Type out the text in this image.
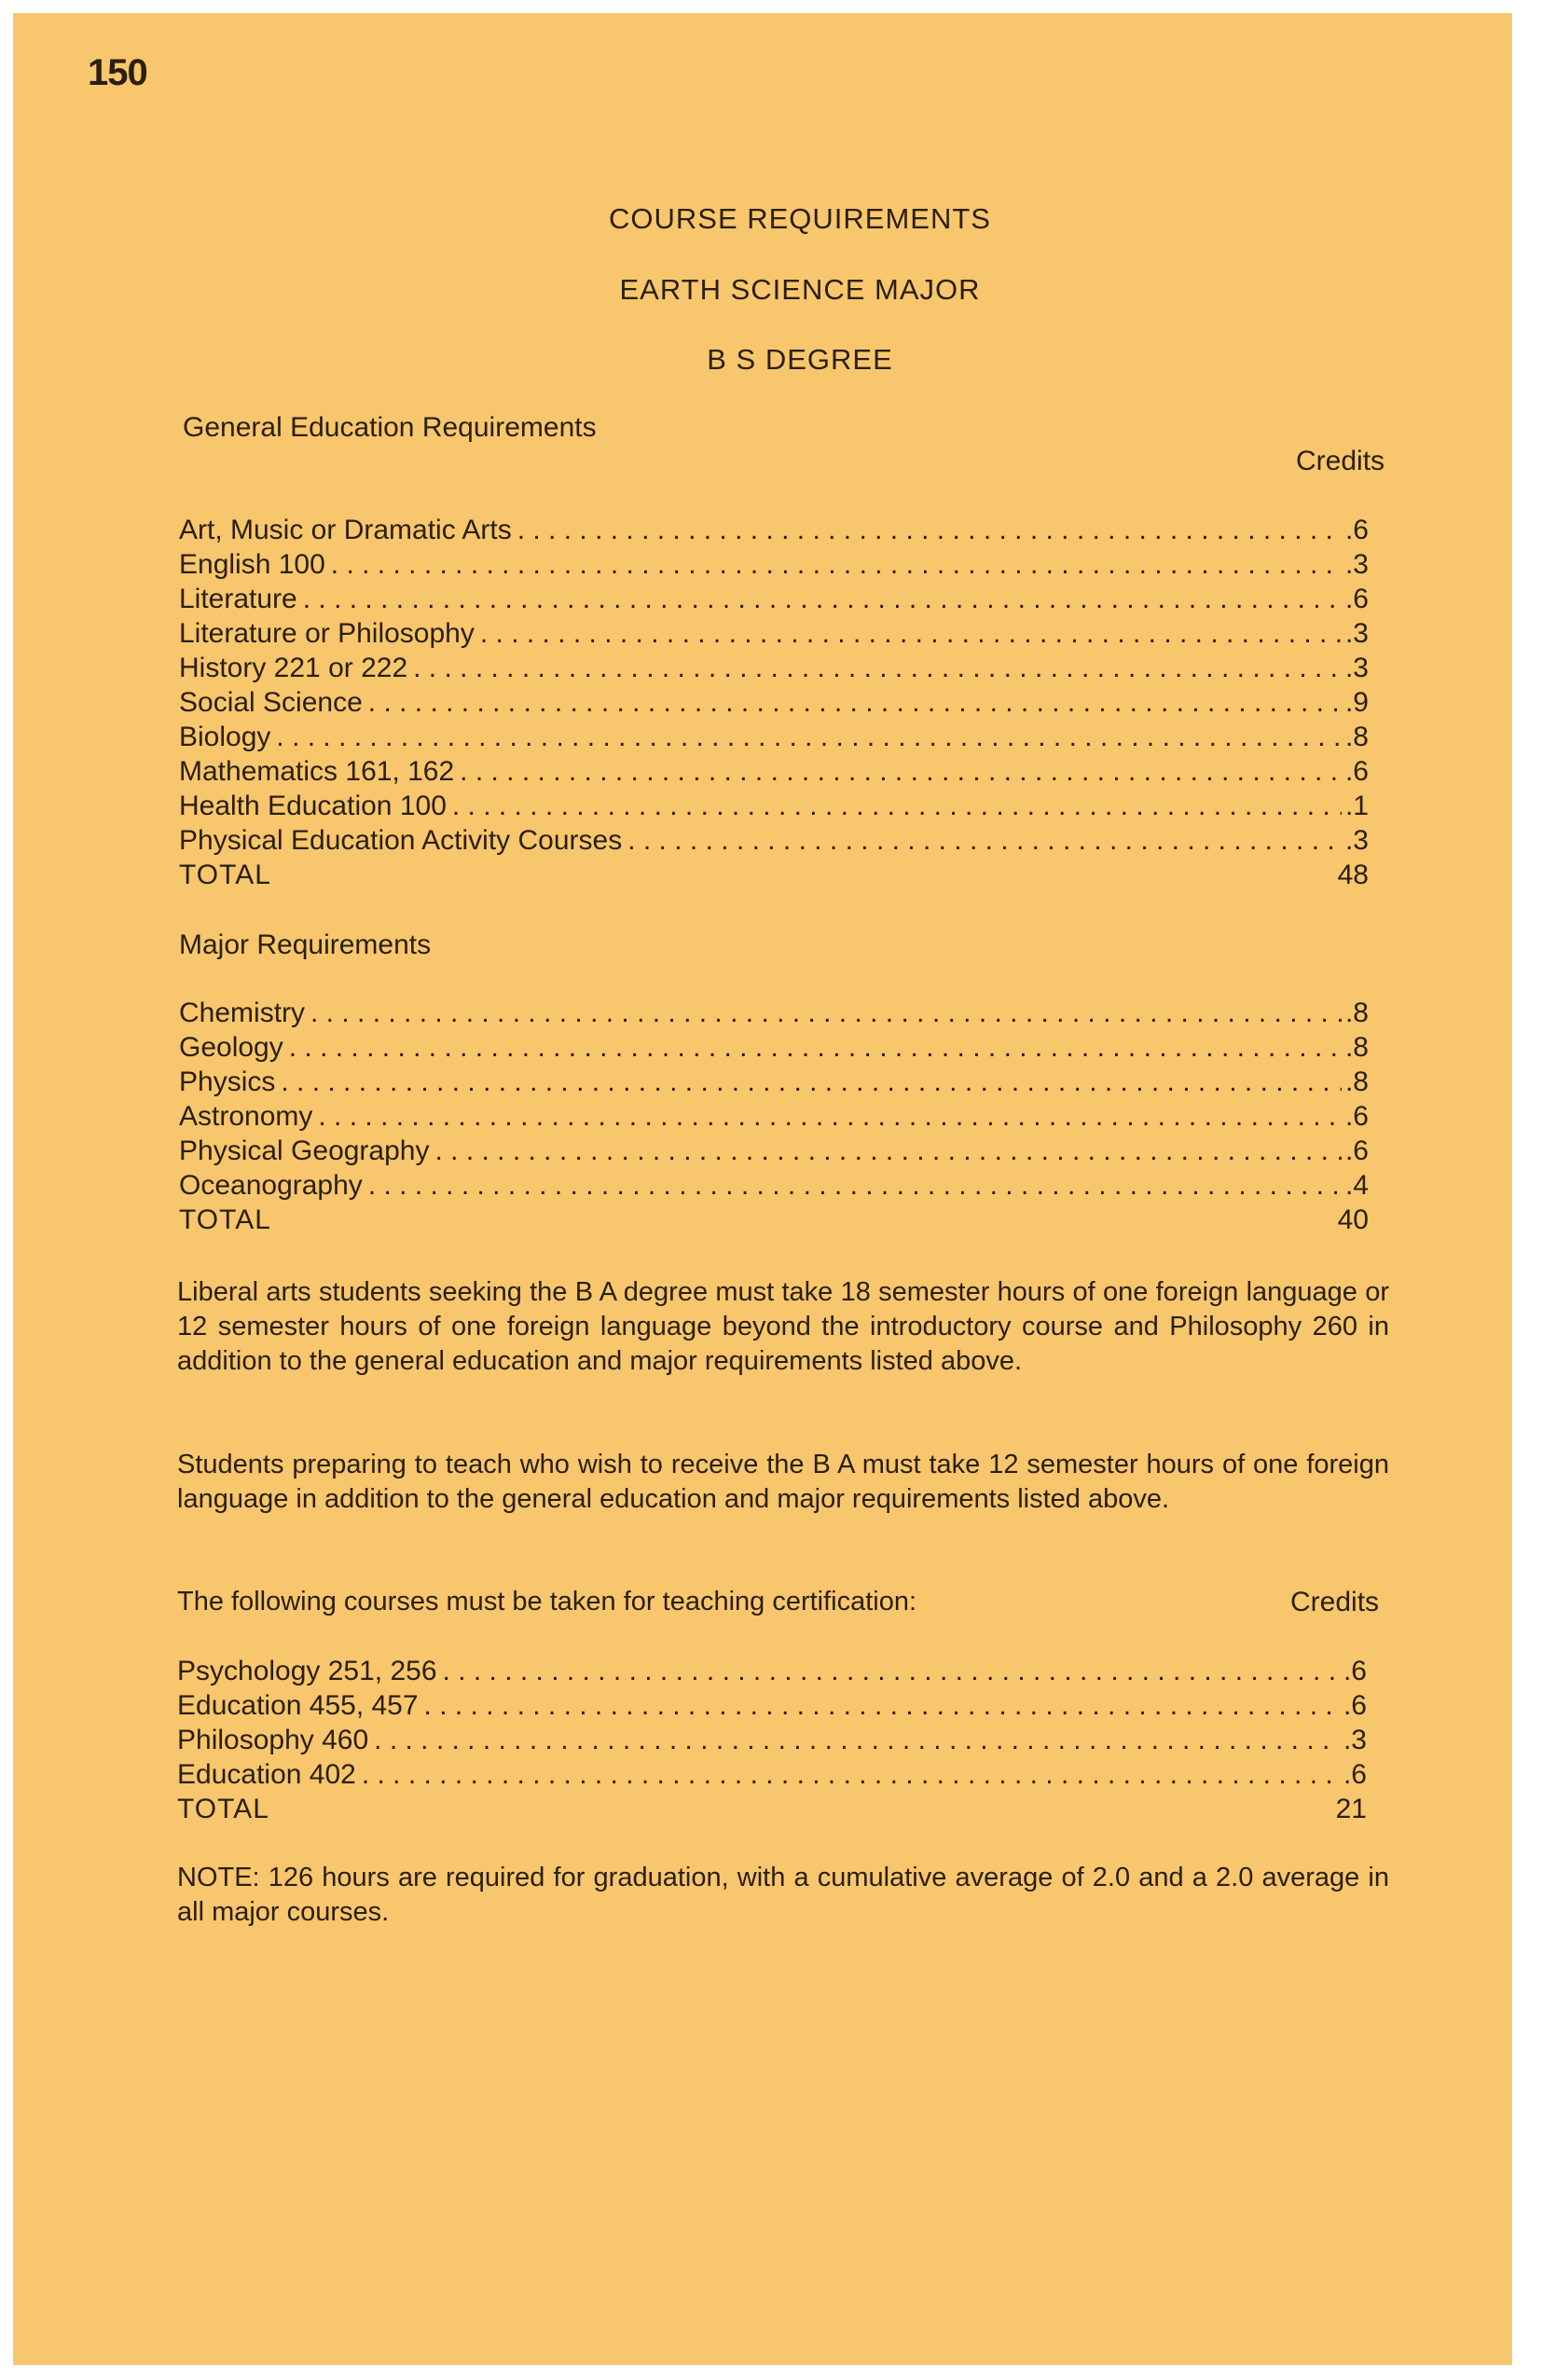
150
COURSE REQUIREMENTS
EARTH SCIENCE MAJOR
B S DEGREE
General Education Requirements
Credits
Art, Music or Dramatic Arts . . .	.6
English 100 . . .	.3
Literature . . .	.6
Literature or Philosophy . . .	.3
History 221 or 222 . . .	.3
Social Science . . .	.9
Biology . . .	.8
Mathematics 161, 162 . . .	.6
Health Education 100 . . .	.1
Physical Education Activity Courses . . .	.3
TOTAL	48
Major Requirements
Chemistry . . .	.8
Geology . . .	.8
Physics . . .	.8
Astronomy . . .	.6
Physical Geography . . .	.6
Oceanography . . .	.4
TOTAL	40
Liberal arts students seeking the B A degree must take 18 semester hours of one foreign language or 12 semester hours of one foreign language beyond the introductory course and Philosophy 260 in addition to the general education and major requirements listed above.
Students preparing to teach who wish to receive the B A must take 12 semester hours of one foreign language in addition to the general education and major requirements listed above.
The following courses must be taken for teaching certification:	Credits
Psychology 251, 256 . . .	.6
Education 455, 457 . . .	.6
Philosophy 460 . . .	.3
Education 402 . . .	.6
TOTAL	21
NOTE: 126 hours are required for graduation, with a cumulative average of 2.0 and a 2.0 average in all major courses.
